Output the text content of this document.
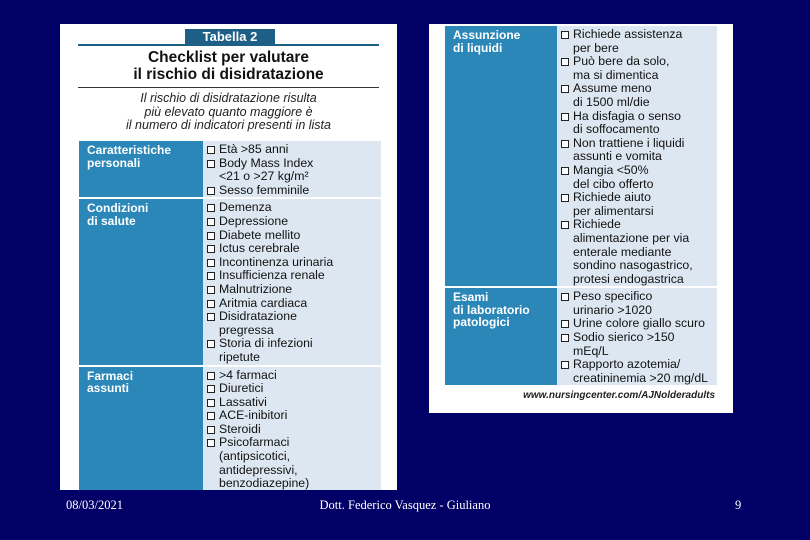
Tabella 2
Checklist per valutare
il rischio di disidratazione
Il rischio di disidratazione risulta
più elevato quanto maggiore è
il numero di indicatori presenti in lista
Caratteristiche
personali
Età >85 anni
Body Mass Index
<21 o >27 kg/m²
Sesso femminile
Condizioni
di salute
Demenza
Depressione
Diabete mellito
Ictus cerebrale
Incontinenza urinaria
Insufficienza renale
Malnutrizione
Aritmia cardiaca
Disidratazione
pregressa
Storia di infezioni
ripetute
Farmaci
assunti
>4 farmaci
Diuretici
Lassativi
ACE-inibitori
Steroidi
Psicofarmaci
(antipsicotici,
antidepressivi,
benzodiazepine)
Assunzione
di liquidi
Richiede assistenza
per bere
Può bere da solo,
ma si dimentica
Assume meno
di 1500 ml/die
Ha disfagia o senso
di soffocamento
Non trattiene i liquidi
assunti e vomita
Mangia <50%
del cibo offerto
Richiede aiuto
per alimentarsi
Richiede
alimentazione per via
enterale mediante
sondino nasogastrico,
protesi endogastrica
Esami
di laboratorio
patologici
Peso specifico
urinario >1020
Urine colore giallo scuro
Sodio sierico >150 mEq/L
Rapporto azotemia/
creatininemia >20 mg/dL
www.nursingcenter.com/AJNolderadults
08/03/2021	Dott. Federico Vasquez - Giuliano	9
